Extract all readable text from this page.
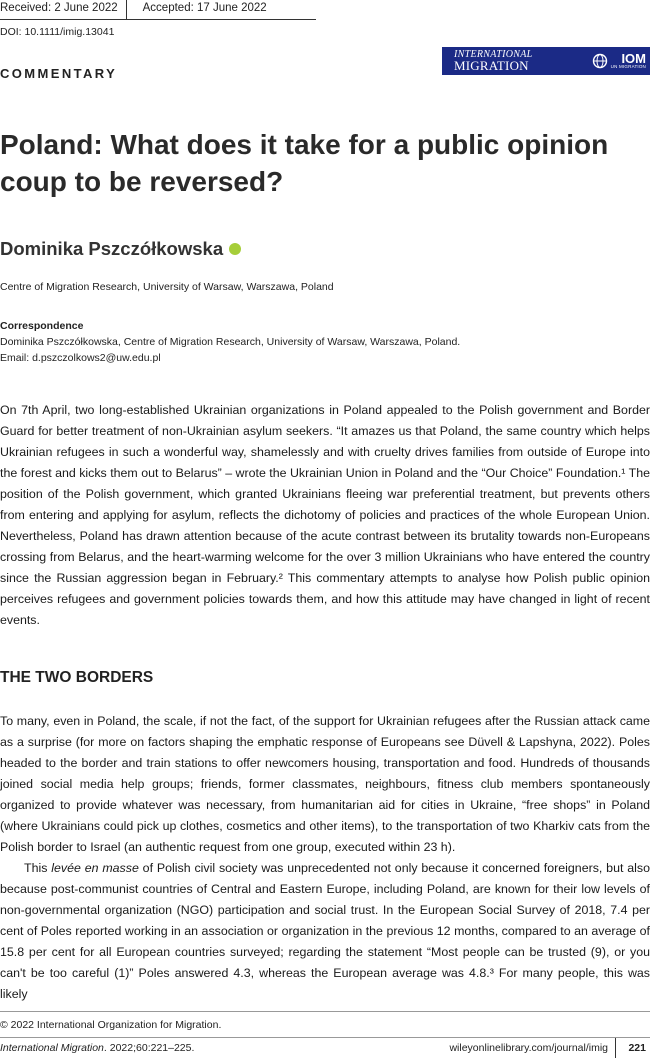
Received: 2 June 2022	Accepted: 17 June 2022
DOI: 10.1111/imig.13041
COMMENTARY
INTERNATIONAL
MIGRATION	IOM
UN MIGRATION
Poland: What does it take for a public opinion coup to be reversed?
Dominika Pszczółkowska
Centre of Migration Research, University of Warsaw, Warszawa, Poland
Correspondence
Dominika Pszczółkowska, Centre of Migration Research, University of Warsaw, Warszawa, Poland.
Email: d.pszczolkows2@uw.edu.pl

On 7th April, two long-established Ukrainian organizations in Poland appealed to the Polish government and Border Guard for better treatment of non-Ukrainian asylum seekers. “It amazes us that Poland, the same country which helps Ukrainian refugees in such a wonderful way, shamelessly and with cruelty drives families from outside of Europe into the forest and kicks them out to Belarus” – wrote the Ukrainian Union in Poland and the “Our Choice” Foundation.¹ The position of the Polish government, which granted Ukrainians fleeing war preferential treatment, but prevents others from entering and applying for asylum, reflects the dichotomy of policies and practices of the whole European Union. Nevertheless, Poland has drawn attention because of the acute contrast between its brutality towards non-Europeans crossing from Belarus, and the heart-warming welcome for the over 3 million Ukrainians who have entered the country since the Russian aggression began in February.² This commentary attempts to analyse how Polish public opinion perceives refugees and government policies towards them, and how this attitude may have changed in light of recent events.

THE TWO BORDERS

To many, even in Poland, the scale, if not the fact, of the support for Ukrainian refugees after the Russian attack came as a surprise (for more on factors shaping the emphatic response of Europeans see Düvell & Lapshyna, 2022). Poles headed to the border and train stations to offer newcomers housing, transportation and food. Hundreds of thousands joined social media help groups; friends, former classmates, neighbours, fitness club members spontaneously organized to provide whatever was necessary, from humanitarian aid for cities in Ukraine, “free shops” in Poland (where Ukrainians could pick up clothes, cosmetics and other items), to the transportation of two Kharkiv cats from the Polish border to Israel (an authentic request from one group, executed within 23 h).

This levée en masse of Polish civil society was unprecedented not only because it concerned foreigners, but also because post-communist countries of Central and Eastern Europe, including Poland, are known for their low levels of non-governmental organization (NGO) participation and social trust. In the European Social Survey of 2018, 7.4 per cent of Poles reported working in an association or organization in the previous 12 months, compared to an average of 15.8 per cent for all European countries surveyed; regarding the statement “Most people can be trusted (9), or you can't be too careful (1)” Poles answered 4.3, whereas the European average was 4.8.³ For many people, this was likely

© 2022 International Organization for Migration.
International Migration. 2022;60:221–225.	wileyonlinelibrary.com/journal/imig 221
